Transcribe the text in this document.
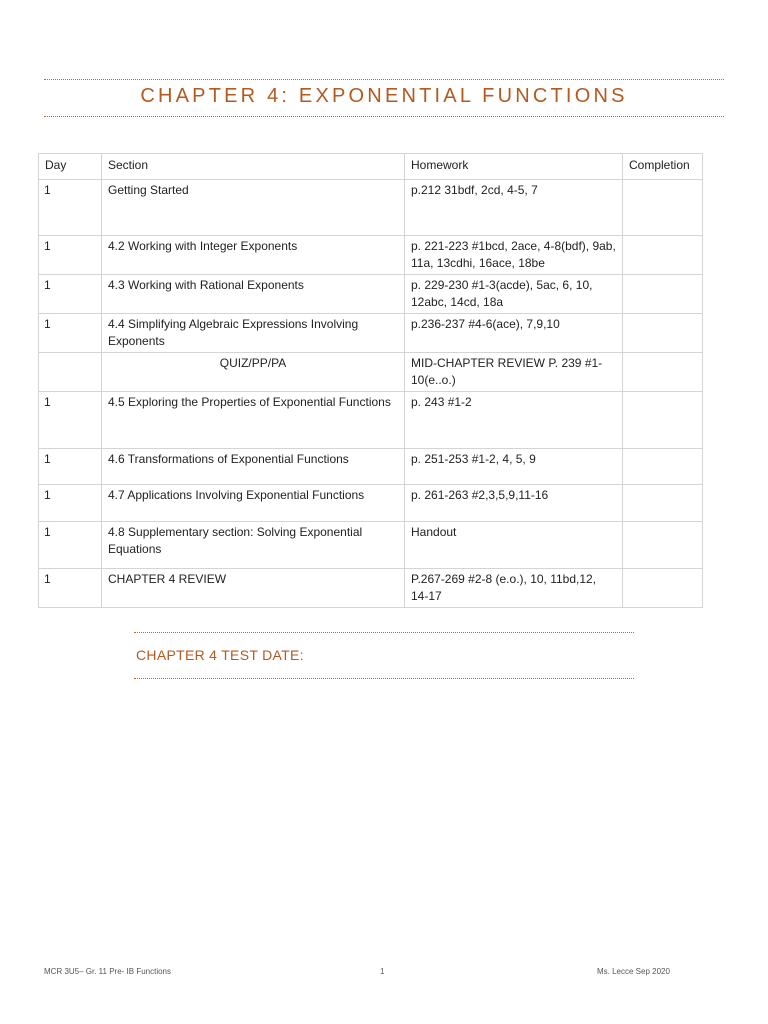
CHAPTER 4: EXPONENTIAL FUNCTIONS
Day	Section	Homework	Completion
1	Getting Started	p.212 31bdf, 2cd, 4-5, 7	
1	4.2 Working with Integer Exponents	p. 221-223 #1bcd, 2ace, 4-8(bdf), 9ab, 11a, 13cdhi, 16ace, 18be	
1	4.3 Working with Rational Exponents	p. 229-230 #1-3(acde), 5ac, 6, 10, 12abc, 14cd, 18a	
1	4.4 Simplifying Algebraic Expressions Involving Exponents	p.236-237 #4-6(ace), 7,9,10	
	QUIZ/PP/PA	MID-CHAPTER REVIEW P. 239 #1-10(e..o.)	
1	4.5 Exploring the Properties of Exponential Functions	p. 243 #1-2	
1	4.6 Transformations of Exponential Functions	p. 251-253 #1-2, 4, 5, 9	
1	4.7 Applications Involving Exponential Functions	p. 261-263 #2,3,5,9,11-16	
1	4.8 Supplementary section: Solving Exponential Equations	Handout	
1	CHAPTER 4 REVIEW	P.267-269 #2-8 (e.o.), 10, 11bd,12, 14-17	
CHAPTER 4 TEST DATE:
MCR 3U5– Gr. 11 Pre- IB Functions	1	Ms. Lecce Sep 2020
